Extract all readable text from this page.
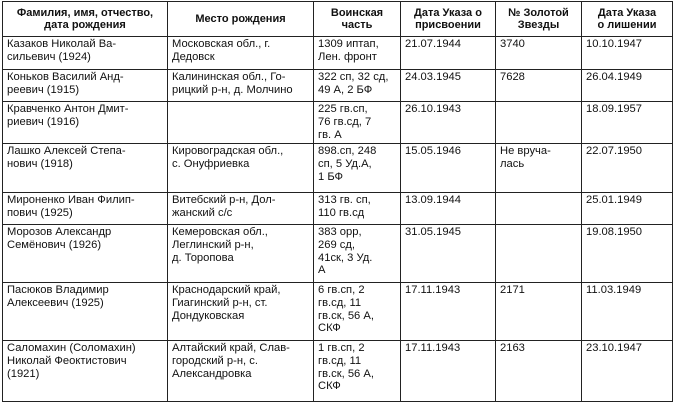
Фамилия, имя, отчество,
дата рождения	Место рождения	Воинская
часть	Дата Указа о
присвоении	№ Золотой
Звезды	Дата Указа
о лишении

Казаков Николай Ва-
сильевич (1924)	Московская обл., г.
Дедовск	1309 иптап,
Лен. фронт	21.07.1944	3740	10.10.1947

Коньков Василий Анд-
реевич (1915)	Калининская обл., Го-
рицкий р-н, д. Молчино	322 сп, 32 сд,
49 А, 2 БФ	24.03.1945	7628	26.04.1949

Кравченко Антон Дмит-
риевич (1916)		225 гв.сп,
76 гв.сд, 7
гв. А	26.10.1943		18.09.1957

Лашко Алексей Степа-
нович (1918)	Кировоградская обл.,
с. Онуфриевка	898.сп, 248
сп, 5 Уд.А,
1 БФ	15.05.1946	Не вруча-
лась	22.07.1950

Мироненко Иван Филип-
пович (1925)	Витебский р-н, Дол-
жанский с/с	313 гв. сп,
110 гв.сд	13.09.1944		25.01.1949

Морозов Александр
Семёнович (1926)	Кемеровская обл.,
Леглинский р-н,
д. Торопова	383 орр,
269 сд,
41ск, 3 Уд.
А	31.05.1945		19.08.1950

Пасюков Владимир
Алексеевич (1925)	Краснодарский край,
Гиагинский р-н, ст.
Дондуковская	6 гв.сп, 2
гв.сд, 11
гв.ск, 56 А,
СКФ	17.11.1943	2171	11.03.1949

Саломахин (Соломахин)
Николай Феоктистович
(1921)	Алтайский край, Слав-
городский р-н, с.
Александровка	1 гв.сп, 2
гв.сд, 11
гв.ск, 56 А,
СКФ	17.11.1943	2163	23.10.1947
